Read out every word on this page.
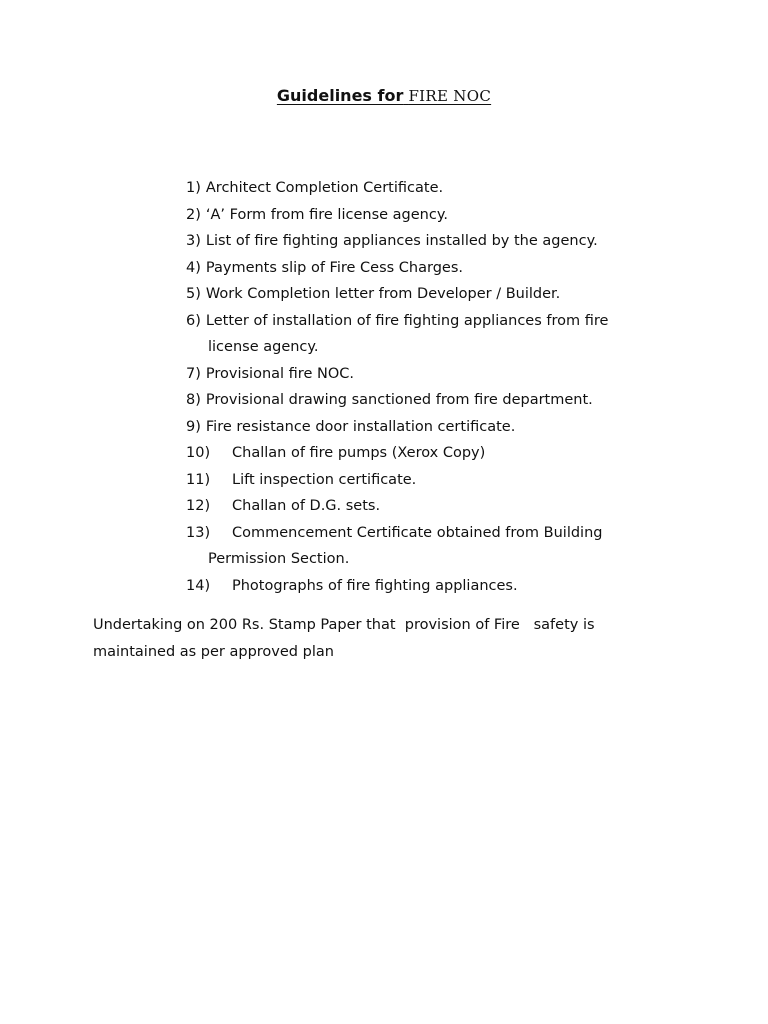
Guidelines for FIRE NOC
1) Architect Completion Certificate.
2) ‘A’ Form from fire license agency.
3) List of fire fighting appliances installed by the agency.
4) Payments slip of Fire Cess Charges.
5) Work Completion letter from Developer / Builder.
6) Letter of installation of fire fighting appliances from fire
license agency.
7) Provisional fire NOC.
8) Provisional drawing sanctioned from fire department.
9) Fire resistance door installation certificate.
10)	Challan of fire pumps (Xerox Copy)
11)	Lift inspection certificate.
12)	Challan of D.G. sets.
13)	Commencement Certificate obtained from Building
Permission Section.
14)	Photographs of fire fighting appliances.
Undertaking on 200 Rs. Stamp Paper that  provision of Fire   safety is
maintained as per approved plan
